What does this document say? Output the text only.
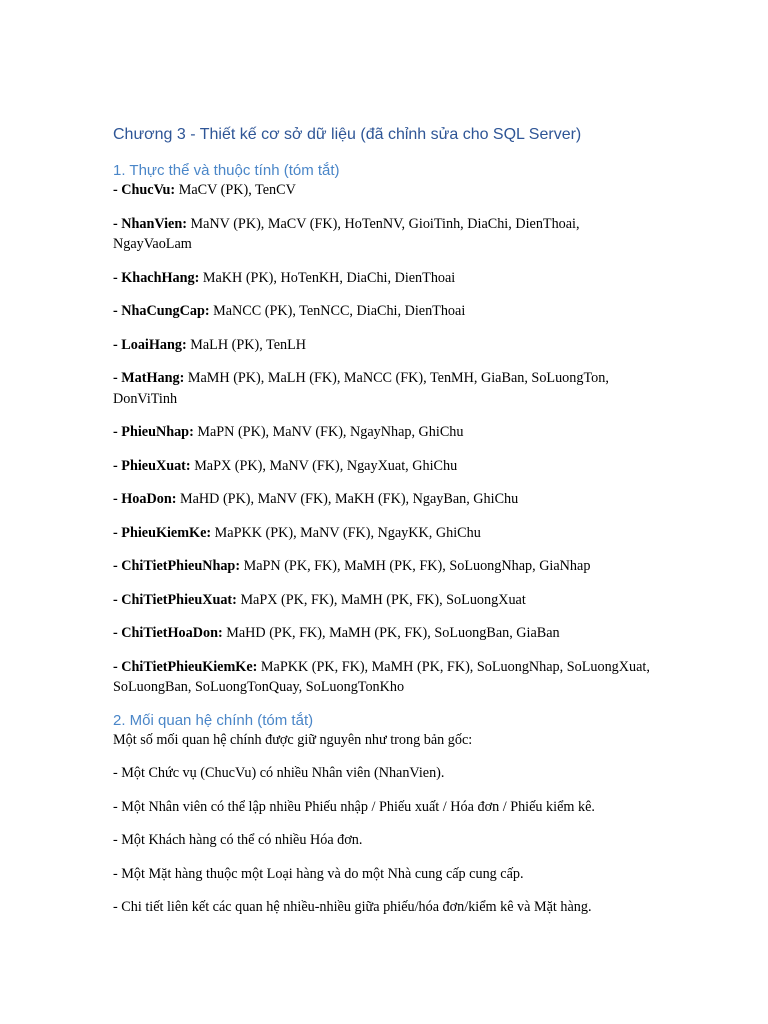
Chương 3 - Thiết kế cơ sở dữ liệu (đã chỉnh sửa cho SQL Server)
1. Thực thể và thuộc tính (tóm tắt)

- ChucVu: MaCV (PK), TenCV

- NhanVien: MaNV (PK), MaCV (FK), HoTenNV, GioiTinh, DiaChi, DienThoai, NgayVaoLam

- KhachHang: MaKH (PK), HoTenKH, DiaChi, DienThoai

- NhaCungCap: MaNCC (PK), TenNCC, DiaChi, DienThoai

- LoaiHang: MaLH (PK), TenLH

- MatHang: MaMH (PK), MaLH (FK), MaNCC (FK), TenMH, GiaBan, SoLuongTon, DonViTinh

- PhieuNhap: MaPN (PK), MaNV (FK), NgayNhap, GhiChu

- PhieuXuat: MaPX (PK), MaNV (FK), NgayXuat, GhiChu

- HoaDon: MaHD (PK), MaNV (FK), MaKH (FK), NgayBan, GhiChu

- PhieuKiemKe: MaPKK (PK), MaNV (FK), NgayKK, GhiChu

- ChiTietPhieuNhap: MaPN (PK, FK), MaMH (PK, FK), SoLuongNhap, GiaNhap

- ChiTietPhieuXuat: MaPX (PK, FK), MaMH (PK, FK), SoLuongXuat

- ChiTietHoaDon: MaHD (PK, FK), MaMH (PK, FK), SoLuongBan, GiaBan

- ChiTietPhieuKiemKe: MaPKK (PK, FK), MaMH (PK, FK), SoLuongNhap, SoLuongXuat, SoLuongBan, SoLuongTonQuay, SoLuongTonKho

2. Mối quan hệ chính (tóm tắt)

Một số mối quan hệ chính được giữ nguyên như trong bản gốc:

- Một Chức vụ (ChucVu) có nhiều Nhân viên (NhanVien).

- Một Nhân viên có thể lập nhiều Phiếu nhập / Phiếu xuất / Hóa đơn / Phiếu kiểm kê.

- Một Khách hàng có thể có nhiều Hóa đơn.

- Một Mặt hàng thuộc một Loại hàng và do một Nhà cung cấp cung cấp.

- Chi tiết liên kết các quan hệ nhiều-nhiều giữa phiếu/hóa đơn/kiểm kê và Mặt hàng.
